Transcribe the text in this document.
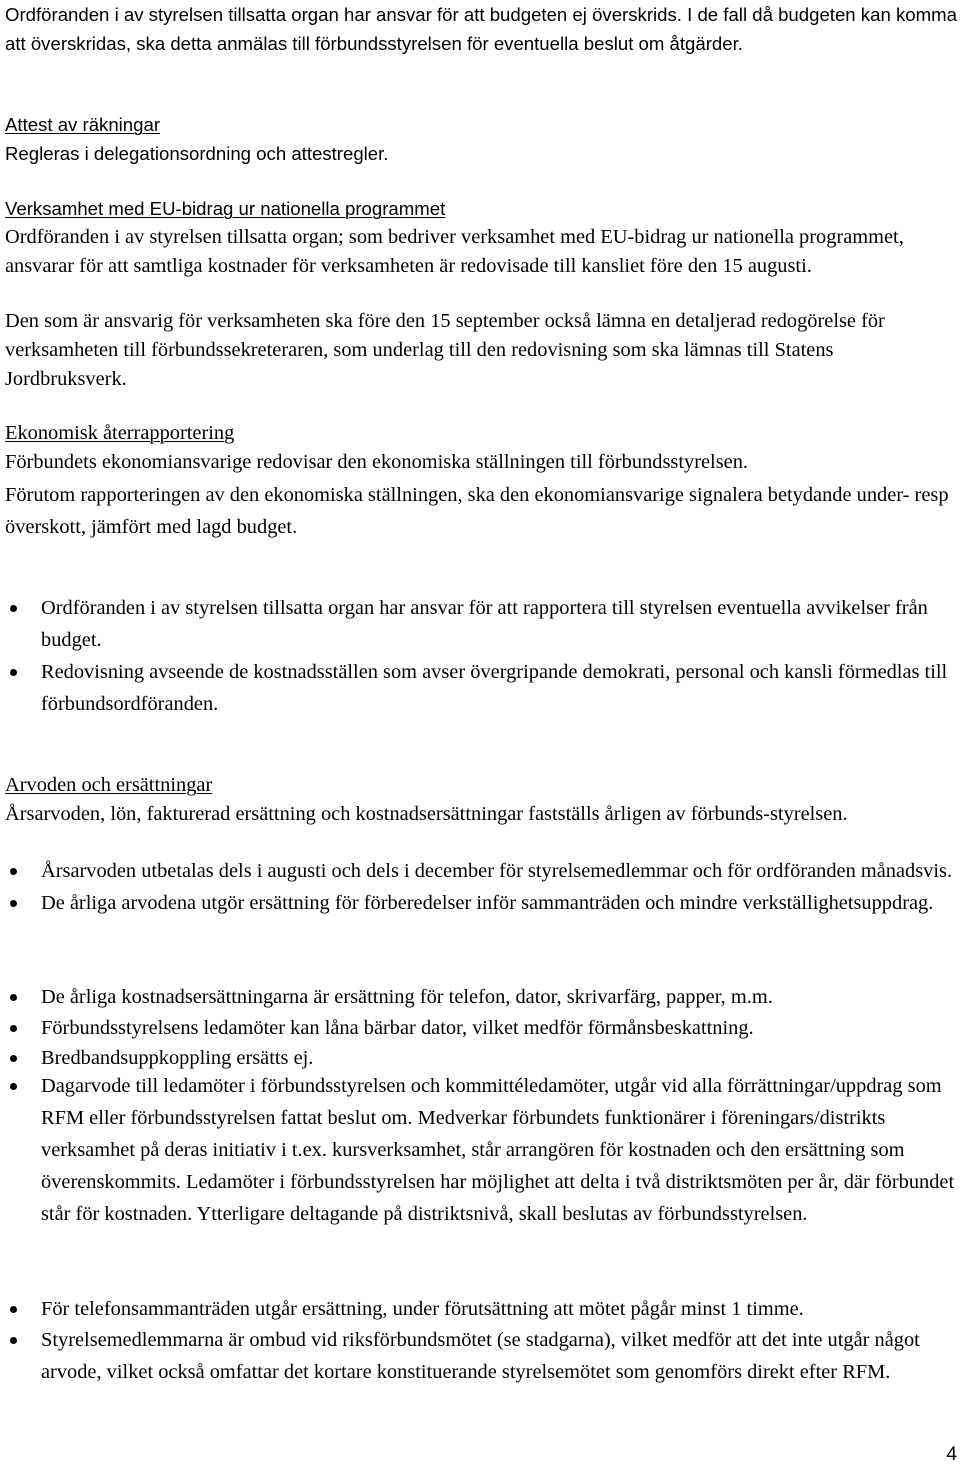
Ordföranden i av styrelsen tillsatta organ har ansvar för att budgeten ej överskrids. I de fall då budgeten kan komma att överskridas, ska detta anmälas till förbundsstyrelsen för eventuella beslut om åtgärder.

Attest av räkningar
Regleras i delegationsordning och attestregler.
Verksamhet med EU-bidrag ur nationella programmet

Ordföranden i av styrelsen tillsatta organ; som bedriver verksamhet med EU-bidrag ur nationella programmet, ansvarar för att samtliga kostnader för verksamheten är redovisade till kansliet före den 15 augusti.

Den som är ansvarig för verksamheten ska före den 15 september också lämna en detaljerad redogörelse för verksamheten till förbundssekreteraren, som underlag till den redovisning som ska lämnas till Statens Jordbruksverk.

Ekonomisk återrapportering

Förbundets ekonomiansvarige redovisar den ekonomiska ställningen till förbundsstyrelsen.

Förutom rapporteringen av den ekonomiska ställningen, ska den ekonomiansvarige signalera betydande under- resp överskott, jämfört med lagd budget.

Ordföranden i av styrelsen tillsatta organ har ansvar för att rapportera till styrelsen eventuella avvikelser från budget.
Redovisning avseende de kostnadsställen som avser övergripande demokrati, personal och kansli förmedlas till förbundsordföranden.
Arvoden och ersättningar

Årsarvoden, lön, fakturerad ersättning och kostnadsersättningar fastställs årligen av förbunds-styrelsen.

Årsarvoden utbetalas dels i augusti och dels i december för styrelsemedlemmar och för ordföranden månadsvis.
De årliga arvodena utgör ersättning för förberedelser inför sammanträden och mindre verkställighetsuppdrag.
De årliga kostnadsersättningarna är ersättning för telefon, dator, skrivarfärg, papper, m.m.
Förbundsstyrelsens ledamöter kan låna bärbar dator, vilket medför förmånsbeskattning.
Bredbandsuppkoppling ersätts ej.
Dagarvode till ledamöter i förbundsstyrelsen och kommittéledamöter, utgår vid alla förrättningar/uppdrag som RFM eller förbundsstyrelsen fattat beslut om. Medverkar förbundets funktionärer i föreningars/distrikts verksamhet på deras initiativ i t.ex. kursverksamhet, står arrangören för kostnaden och den ersättning som överenskommits. Ledamöter i förbundsstyrelsen har möjlighet att delta i två distriktsmöten per år, där förbundet står för kostnaden. Ytterligare deltagande på distriktsnivå, skall beslutas av förbundsstyrelsen.
För telefonsammanträden utgår ersättning, under förutsättning att mötet pågår minst 1 timme.
Styrelsemedlemmarna är ombud vid riksförbundsmötet (se stadgarna), vilket medför att det inte utgår något arvode, vilket också omfattar det kortare konstituerande styrelsemötet som genomförs direkt efter RFM.
4
